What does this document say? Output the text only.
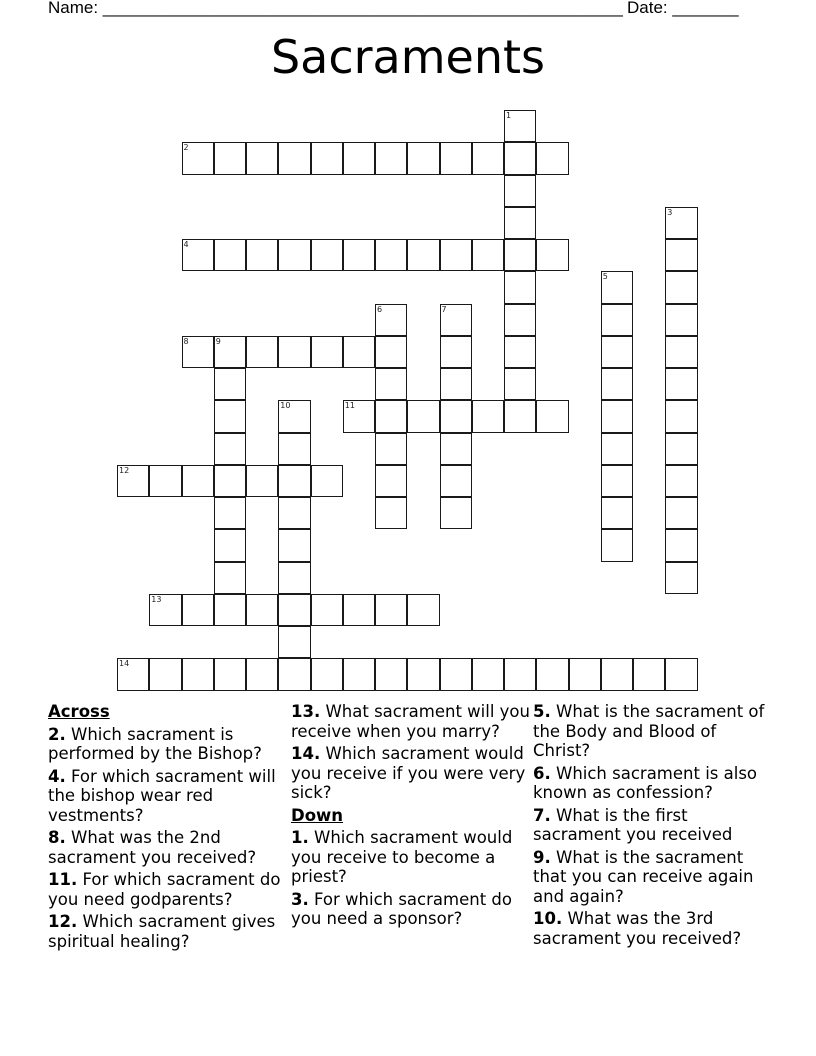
Name: _______________________________________________________ Date: _______
Sacraments
1
2
3
4
5
6	7
8	9
10	11
12
13
14
Across
2. Which sacrament is performed by the Bishop?
4. For which sacrament will the bishop wear red vestments?
8. What was the 2nd sacrament you received?
11. For which sacrament do you need godparents?
12. Which sacrament gives spiritual healing?
13. What sacrament will you receive when you marry?
14. Which sacrament would you receive if you were very sick?
Down
1. Which sacrament would you receive to become a priest?
3. For which sacrament do you need a sponsor?
5. What is the sacrament of the Body and Blood of Christ?
6. Which sacrament is also known as confession?
7. What is the first sacrament you received
9. What is the sacrament that you can receive again and again?
10. What was the 3rd sacrament you received?
